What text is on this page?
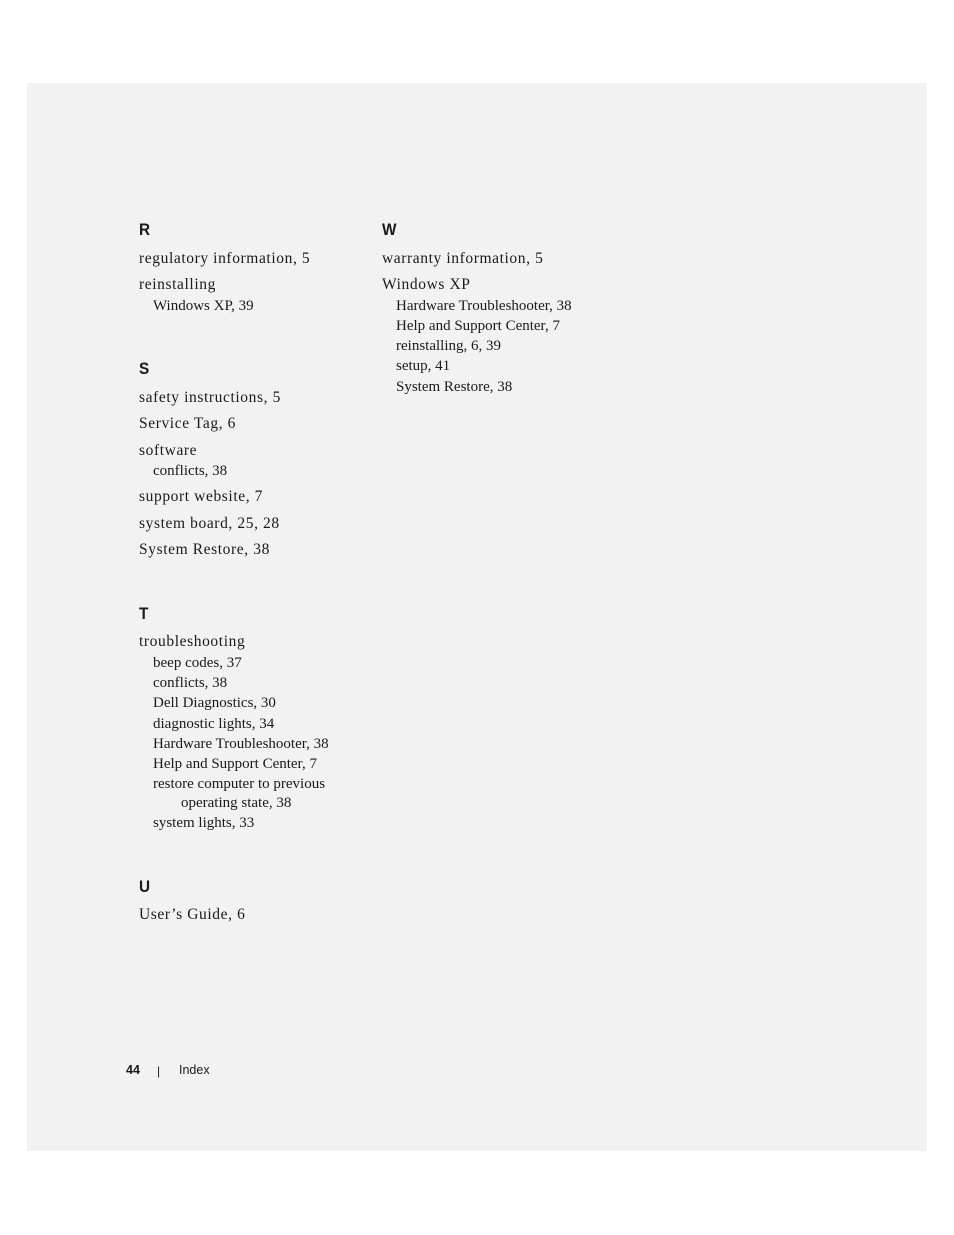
R
regulatory information, 5
reinstalling
Windows XP, 39
S
safety instructions, 5
Service Tag, 6
software
conflicts, 38
support website, 7
system board, 25, 28
System Restore, 38
T
troubleshooting
beep codes, 37
conflicts, 38
Dell Diagnostics, 30
diagnostic lights, 34
Hardware Troubleshooter, 38
Help and Support Center, 7
restore computer to previous
operating state, 38
system lights, 33
U
User’s Guide, 6
W
warranty information, 5
Windows XP
Hardware Troubleshooter, 38
Help and Support Center, 7
reinstalling, 6, 39
setup, 41
System Restore, 38
44 | Index
